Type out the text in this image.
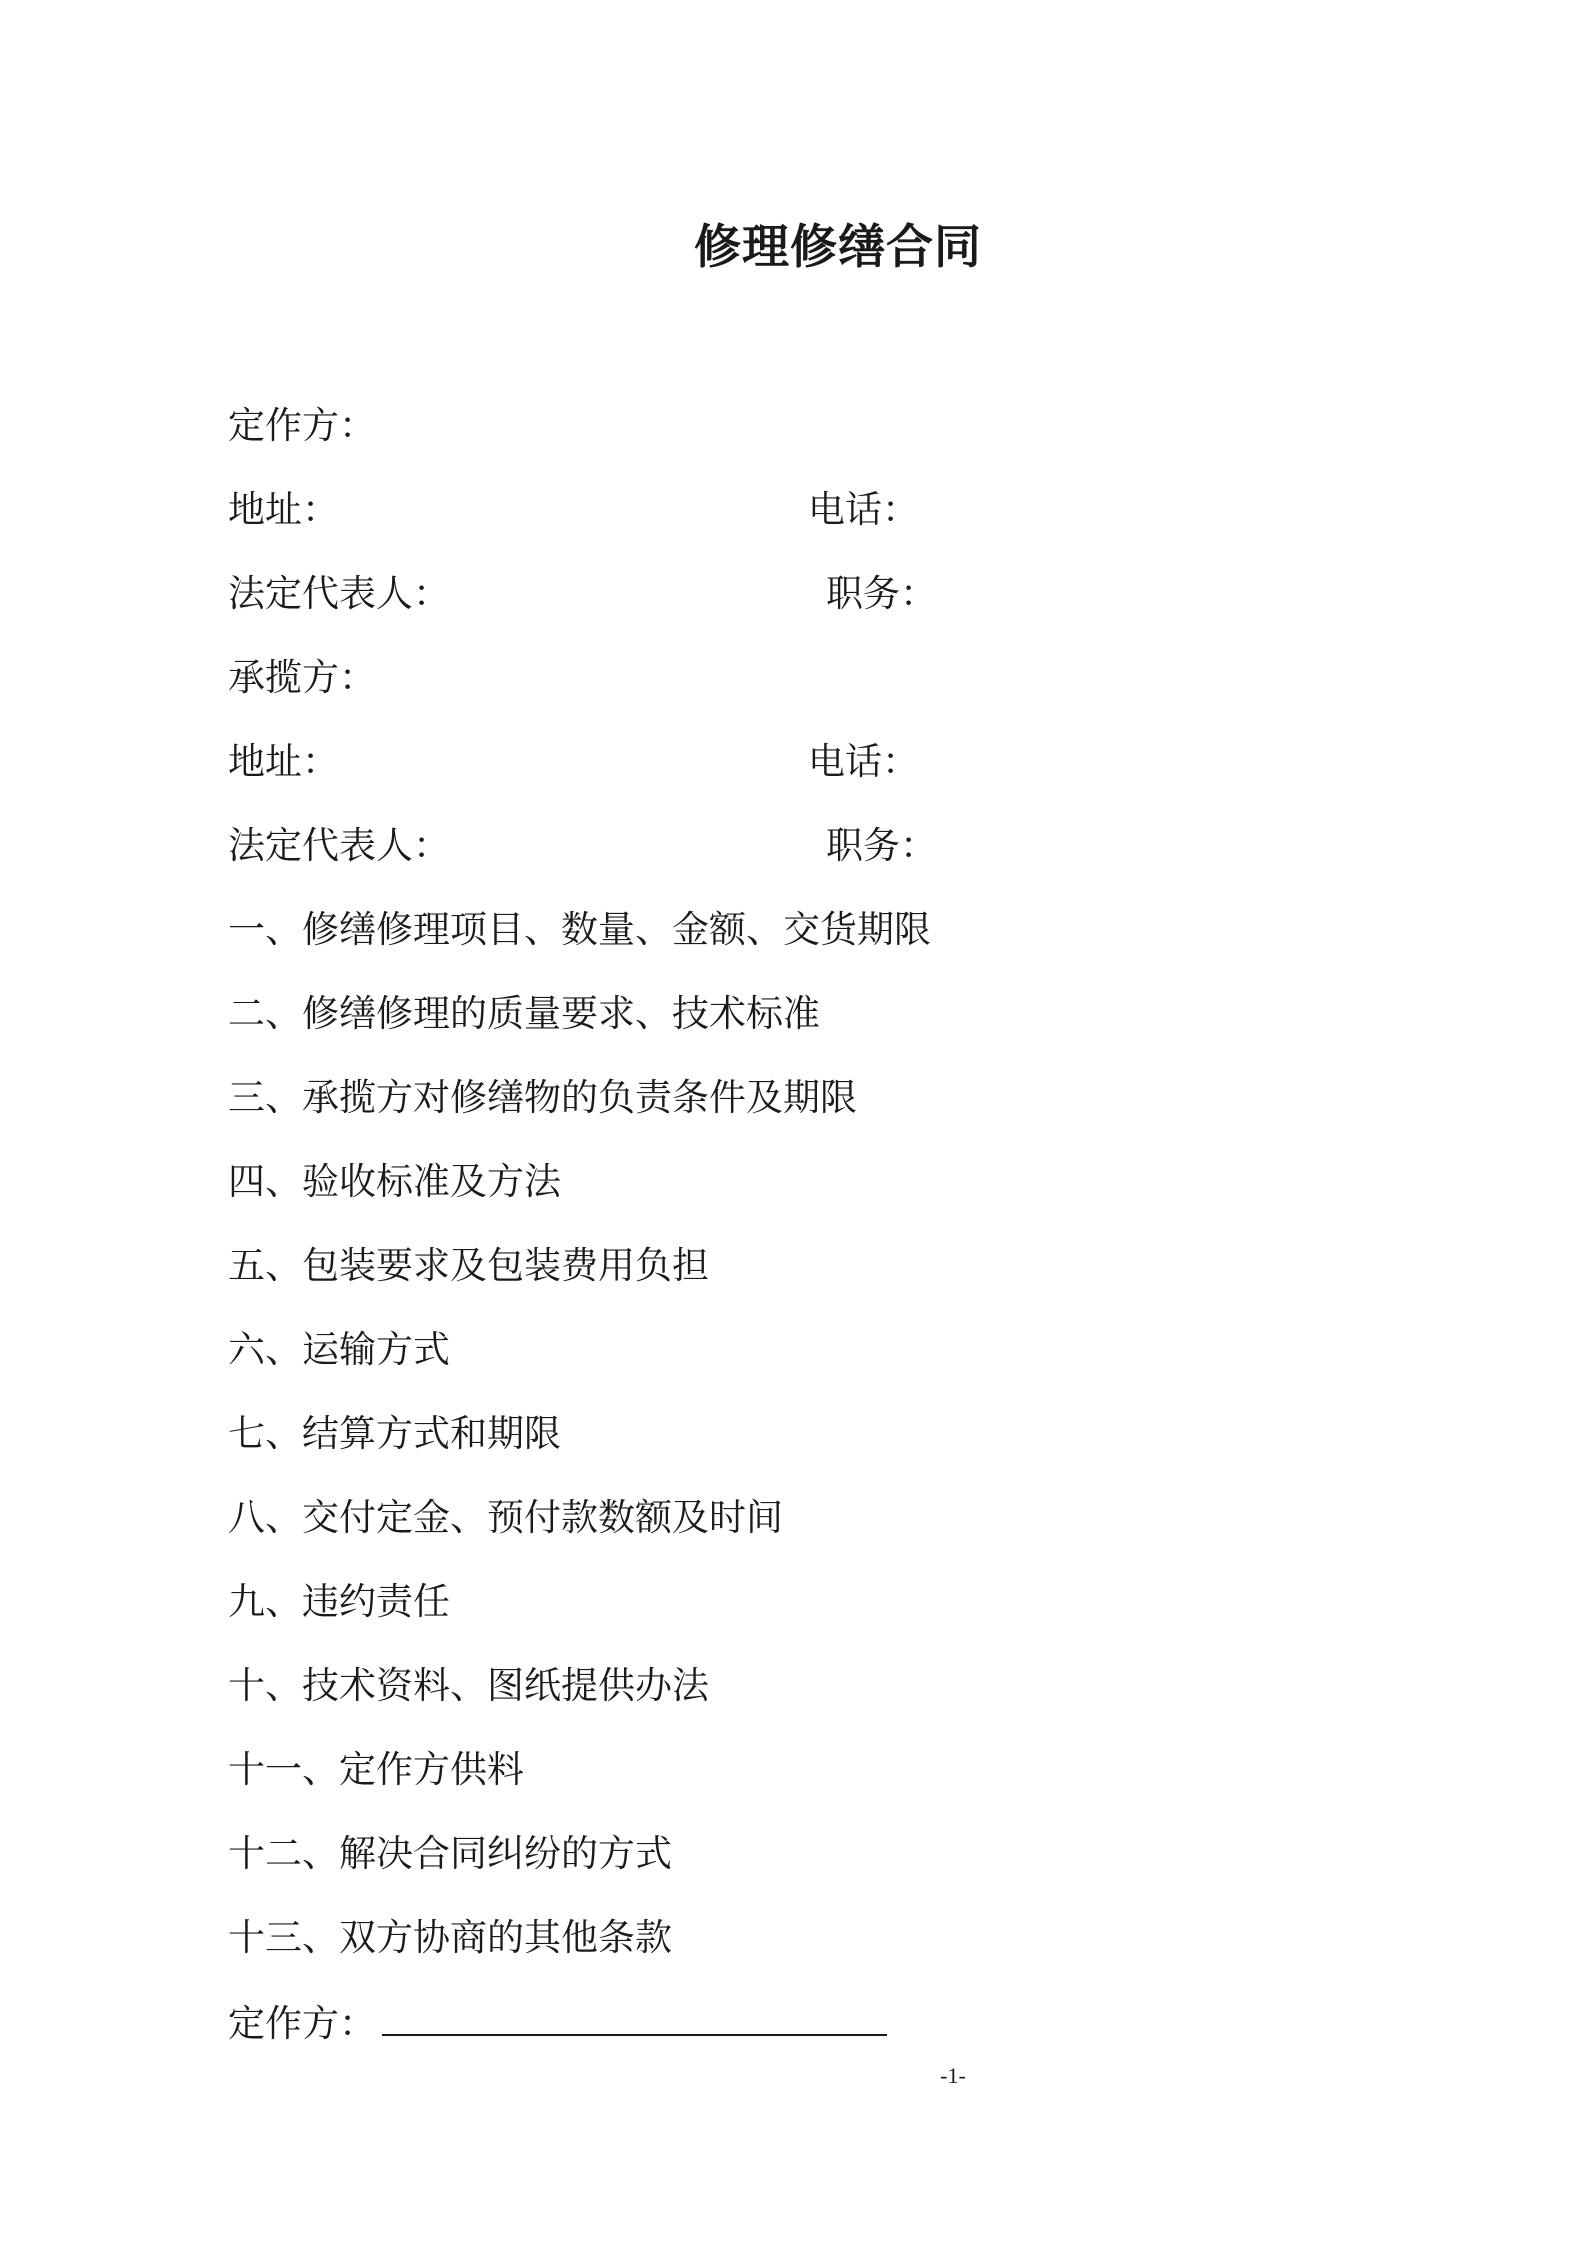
修理修缮合同
定作方：
地址：	电话：
法定代表人：	职务：
承揽方：
地址：	电话：
法定代表人：	职务：
一、修缮修理项目、数量、金额、交货期限
二、修缮修理的质量要求、技术标准
三、承揽方对修缮物的负责条件及期限
四、验收标准及方法
五、包装要求及包装费用负担
六、运输方式
七、结算方式和期限
八、交付定金、预付款数额及时间
九、违约责任
十、技术资料、图纸提供办法
十一、定作方供料
十二、解决合同纠纷的方式
十三、双方协商的其他条款
定作方：
-1-
